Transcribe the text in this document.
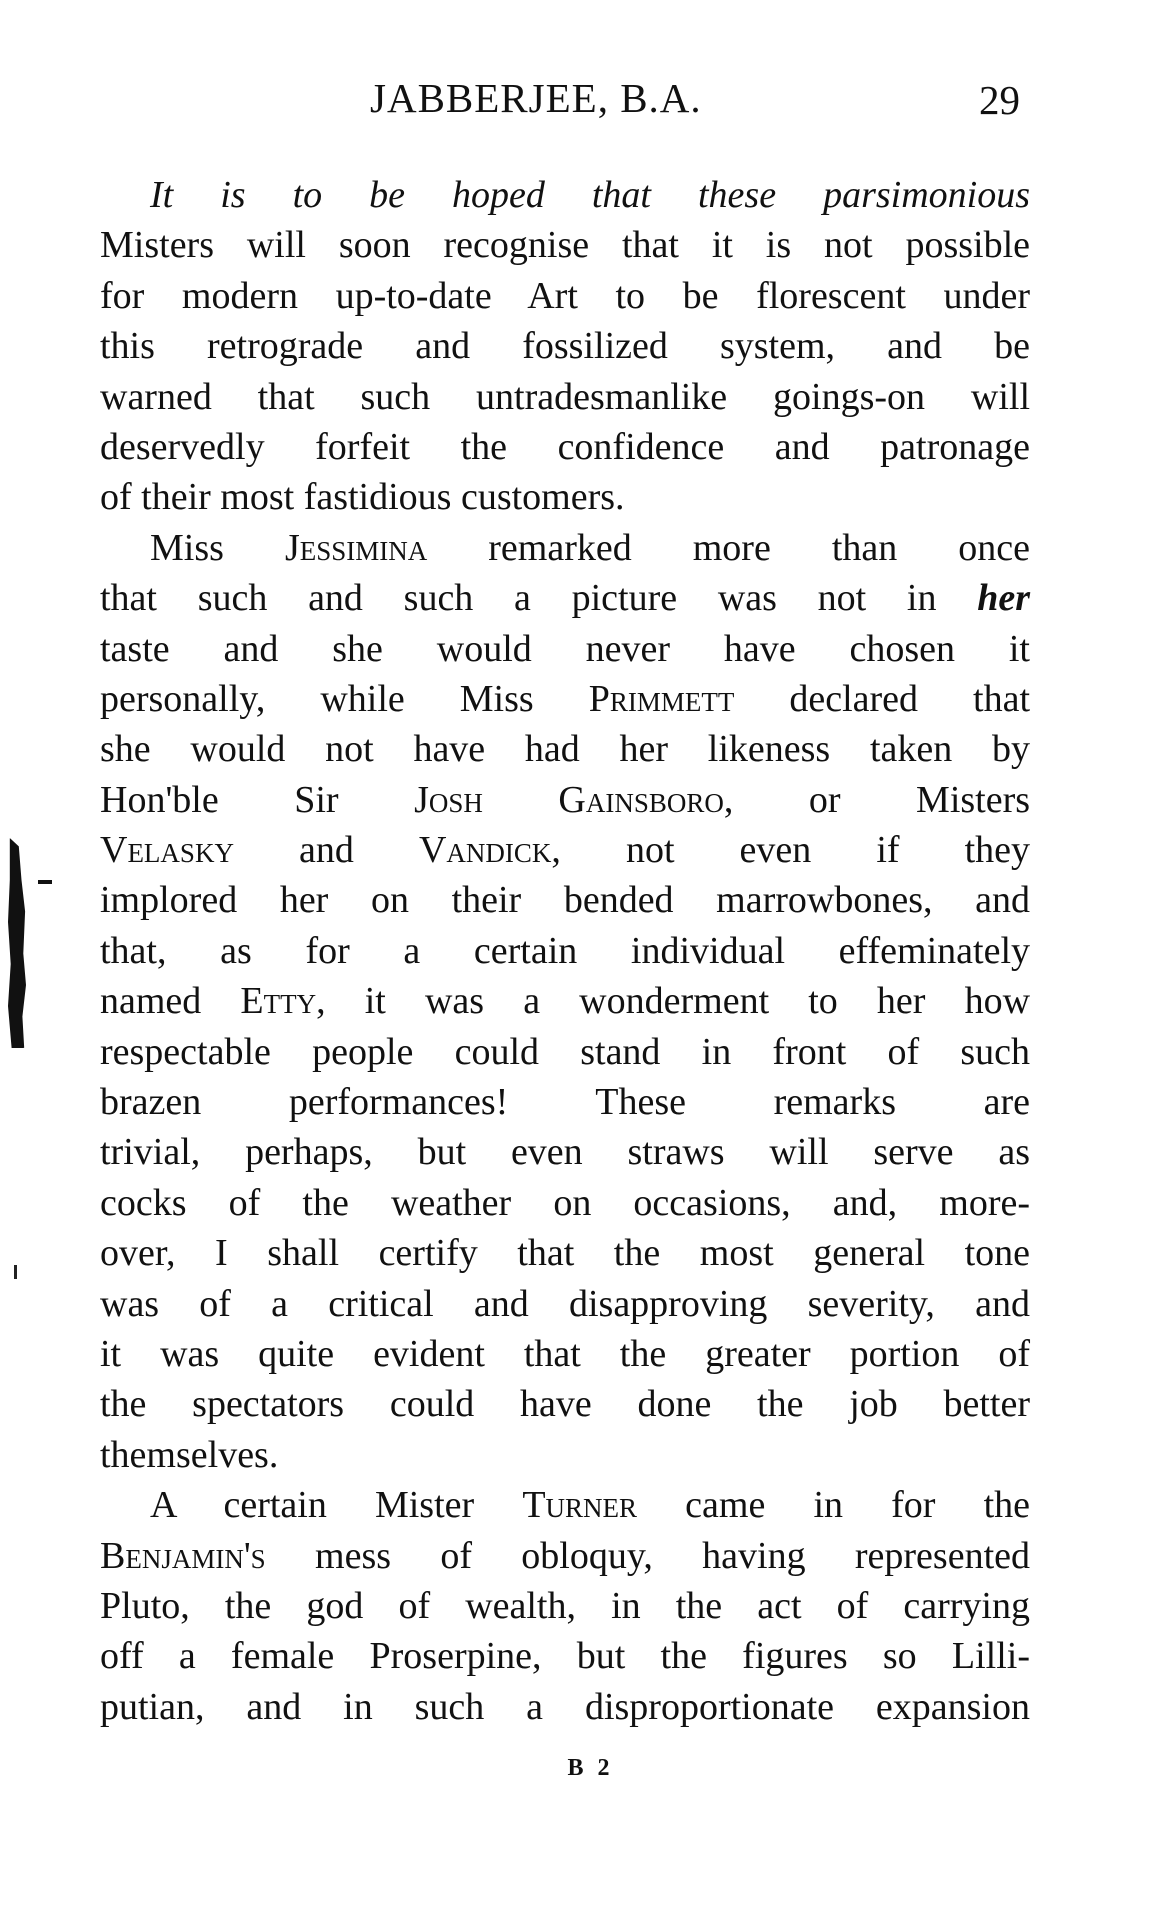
JABBERJEE, B.A.	29
It is to be hoped that these parsimonious
Misters will soon recognise that it is not possible
for modern up-to-date Art to be florescent under
this retrograde and fossilized system, and be
warned that such untradesmanlike goings-on will
deservedly forfeit the confidence and patronage
of their most fastidious customers.
Miss Jessimina remarked more than once
that such and such a picture was not in her
taste and she would never have chosen it
personally, while Miss Primmett declared that
she would not have had her likeness taken by
Hon'ble Sir Josh Gainsboro, or Misters
Velasky and Vandick, not even if they
implored her on their bended marrowbones, and
that, as for a certain individual effeminately
named Etty, it was a wonderment to her how
respectable people could stand in front of such
brazen performances! These remarks are
trivial, perhaps, but even straws will serve as
cocks of the weather on occasions, and, more-
over, I shall certify that the most general tone
was of a critical and disapproving severity, and
it was quite evident that the greater portion of
the spectators could have done the job better
themselves.
A certain Mister Turner came in for the
Benjamin's mess of obloquy, having represented
Pluto, the god of wealth, in the act of carrying
off a female Proserpine, but the figures so Lilli-
putian, and in such a disproportionate expansion
B 2
